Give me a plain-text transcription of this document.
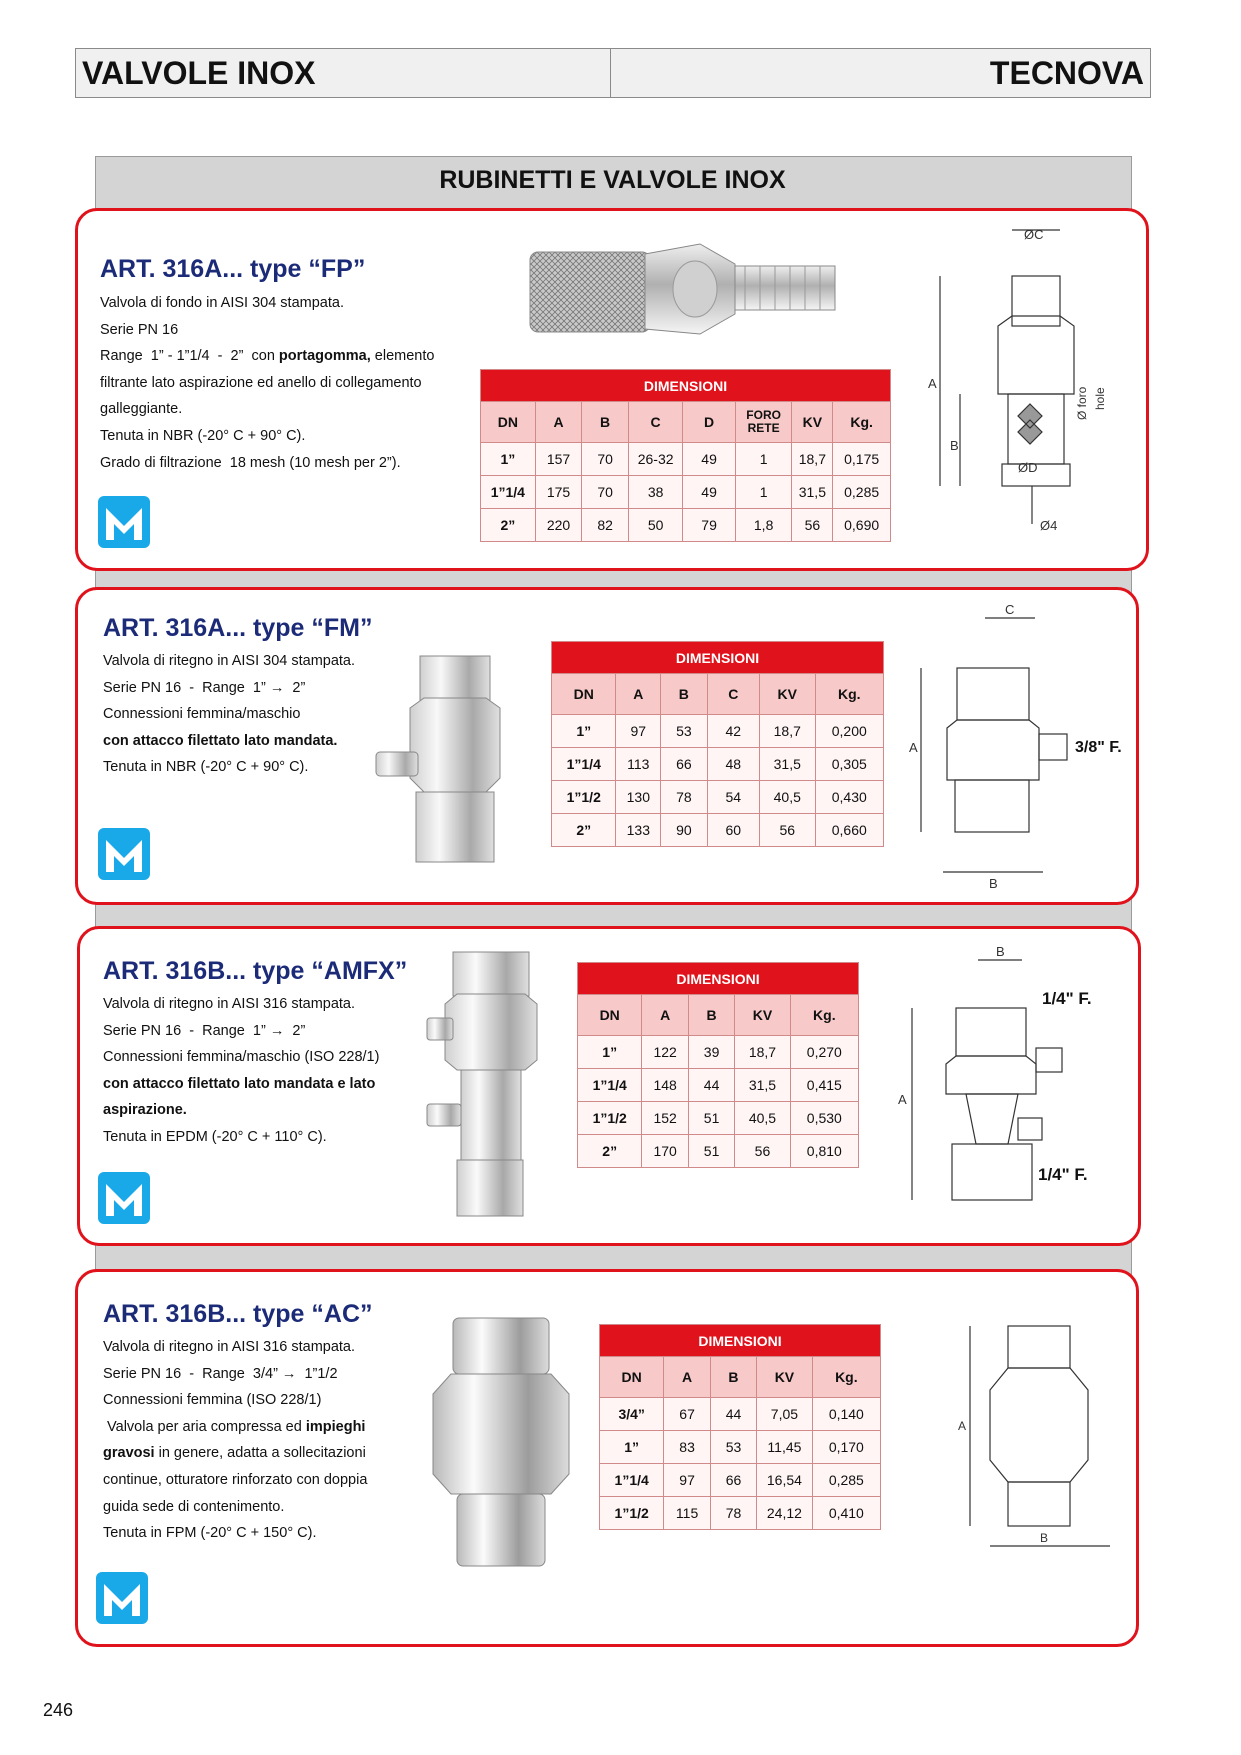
VALVOLE INOX	TECNOVA
RUBINETTI E VALVOLE INOX
ART. 316A... type “FP”

Valvola di fondo in AISI 304 stampata.

Serie PN 16

Range  1” - 1”1/4  -  2”  con portagomma, elemento filtrante lato aspirazione ed anello di collegamento galleggiante.

Tenuta in NBR (-20° C + 90° C).

Grado di filtrazione  18 mesh (10 mesh per 2”).

DIMENSIONI							
DN	A	B	C	D	FORO RETE	KV	Kg.
1”	157	70	26-32	49	1	18,7	0,175
1”1/4	175	70	38	49	1	31,5	0,285
2”	220	82	50	79	1,8	56	0,690
ØC
A
B
ØD
Ø4
Ø foro hole
ART. 316A... type “FM”

Valvola di ritegno in AISI 304 stampata.

Serie PN 16  -  Range  1” →  2”

Connessioni femmina/maschio

con attacco filettato lato mandata.

Tenuta in NBR (-20° C + 90° C).

DIMENSIONI					
DN	A	B	C	KV	Kg.
1”	97	53	42	18,7	0,200
1”1/4	113	66	48	31,5	0,305
1”1/2	130	78	54	40,5	0,430
2”	133	90	60	56	0,660
C
A
B
3/8" F.
ART. 316B... type “AMFX”

Valvola di ritegno in AISI 316 stampata.

Serie PN 16  -  Range  1” →  2”

Connessioni femmina/maschio (ISO 228/1)

con attacco filettato lato mandata e lato aspirazione.

Tenuta in EPDM (-20° C + 110° C).

DIMENSIONI				
DN	A	B	KV	Kg.
1”	122	39	18,7	0,270
1”1/4	148	44	31,5	0,415
1”1/2	152	51	40,5	0,530
2”	170	51	56	0,810
B
A
1/4" F.
1/4" F.
ART. 316B... type “AC”

Valvola di ritegno in AISI 316 stampata.

Serie PN 16  -  Range  3/4” →  1”1/2

Connessioni femmina (ISO 228/1)

Valvola per aria compressa ed impieghi gravosi in genere, adatta a sollecitazioni continue, otturatore rinforzato con doppia guida sede di contenimento.

Tenuta in FPM (-20° C + 150° C).

DIMENSIONI				
DN	A	B	KV	Kg.
3/4”	67	44	7,05	0,140
1”	83	53	11,45	0,170
1”1/4	97	66	16,54	0,285
1”1/2	115	78	24,12	0,410
A
B
246
